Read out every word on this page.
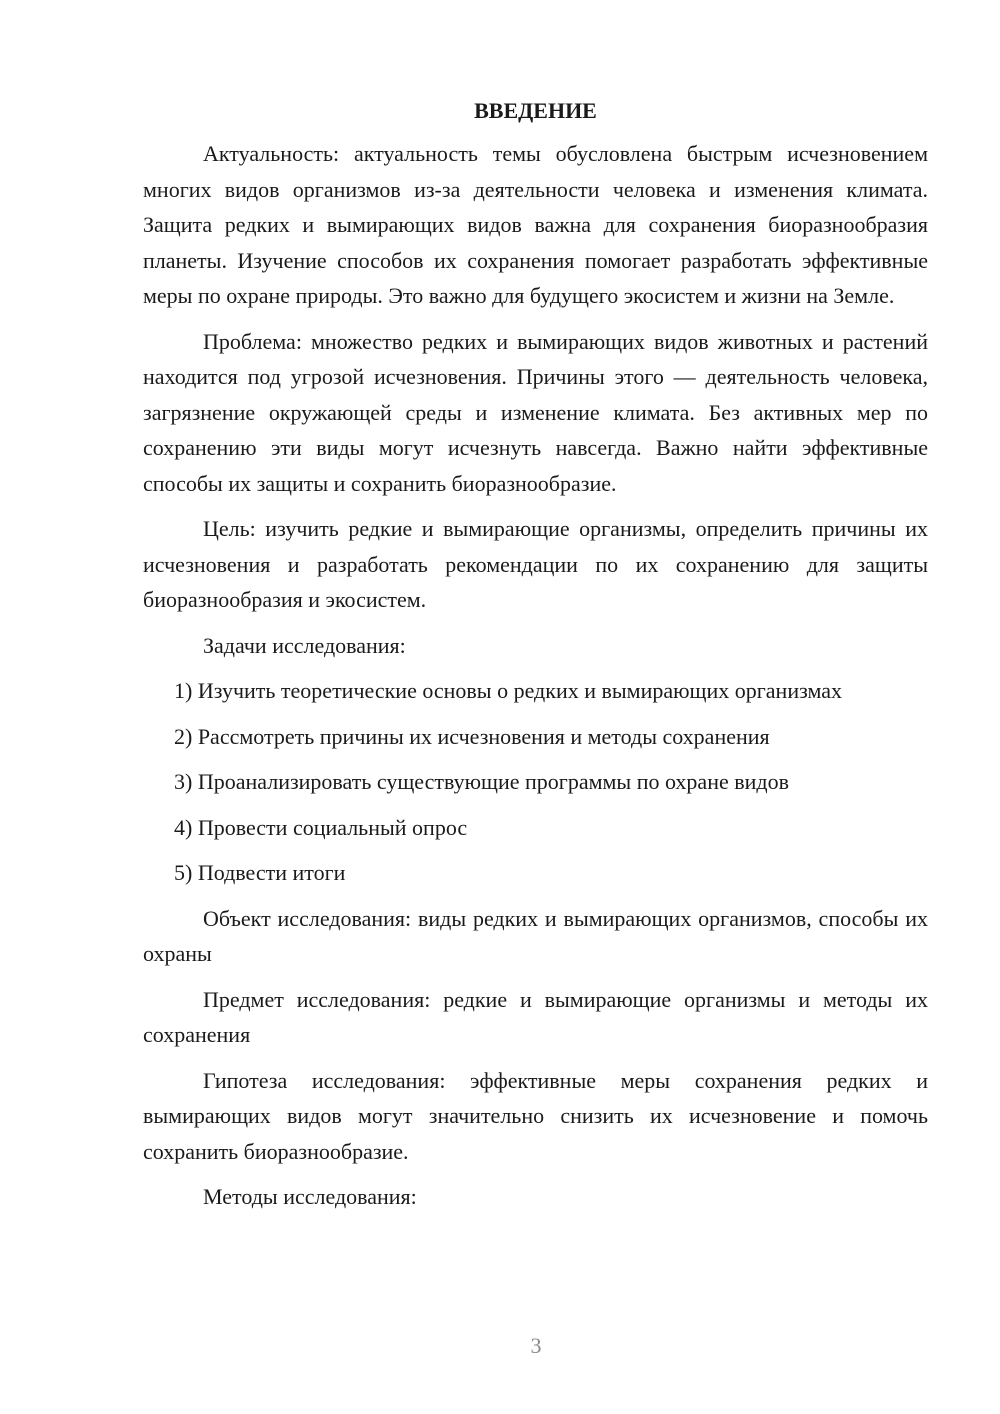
ВВЕДЕНИЕ

Актуальность: актуальность темы обусловлена быстрым исчезновением многих видов организмов из-за деятельности человека и изменения климата. Защита редких и вымирающих видов важна для сохранения биоразнообразия планеты. Изучение способов их сохранения помогает разработать эффективные меры по охране природы. Это важно для будущего экосистем и жизни на Земле.

Проблема: множество редких и вымирающих видов животных и растений находится под угрозой исчезновения. Причины этого — деятельность человека, загрязнение окружающей среды и изменение климата. Без активных мер по сохранению эти виды могут исчезнуть навсегда. Важно найти эффективные способы их защиты и сохранить биоразнообразие.

Цель: изучить редкие и вымирающие организмы, определить причины их исчезновения и разработать рекомендации по их сохранению для защиты биоразнообразия и экосистем.

Задачи исследования:

1) Изучить теоретические основы о редких и вымирающих организмах

2) Рассмотреть причины их исчезновения и методы сохранения

3) Проанализировать существующие программы по охране видов

4) Провести социальный опрос

5) Подвести итоги

Объект исследования: виды редких и вымирающих организмов, способы их охраны

Предмет исследования: редкие и вымирающие организмы и методы их сохранения

Гипотеза исследования: эффективные меры сохранения редких и вымирающих видов могут значительно снизить их исчезновение и помочь сохранить биоразнообразие.

Методы исследования:

3
